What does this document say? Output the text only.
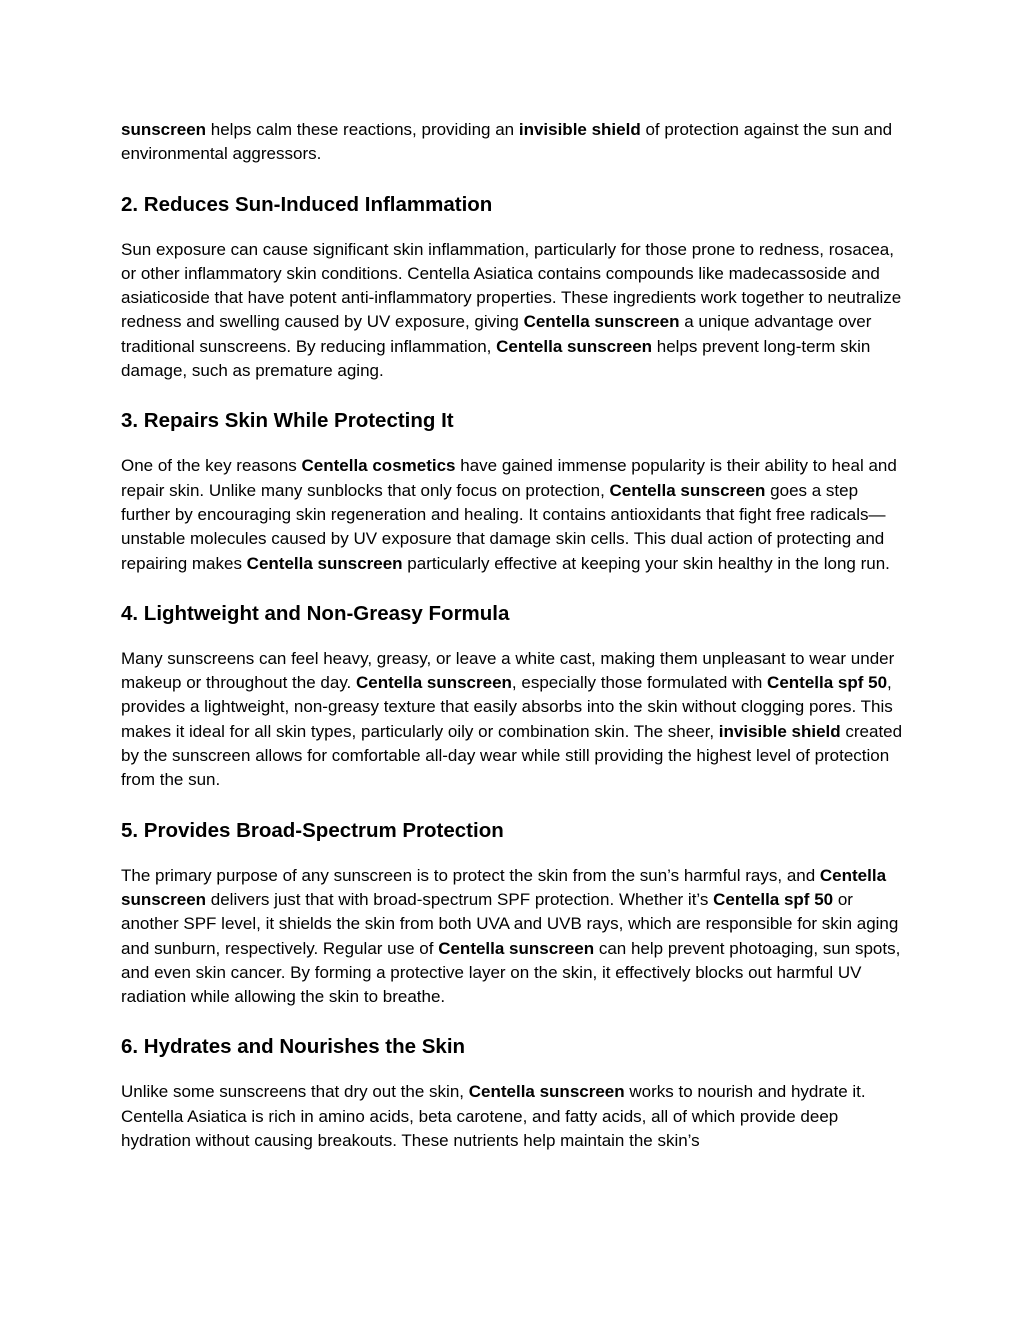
sunscreen helps calm these reactions, providing an invisible shield of protection against the sun and environmental aggressors.

2. Reduces Sun-Induced Inflammation

Sun exposure can cause significant skin inflammation, particularly for those prone to redness, rosacea, or other inflammatory skin conditions. Centella Asiatica contains compounds like madecassoside and asiaticoside that have potent anti-inflammatory properties. These ingredients work together to neutralize redness and swelling caused by UV exposure, giving Centella sunscreen a unique advantage over traditional sunscreens. By reducing inflammation, Centella sunscreen helps prevent long-term skin damage, such as premature aging.

3. Repairs Skin While Protecting It

One of the key reasons Centella cosmetics have gained immense popularity is their ability to heal and repair skin. Unlike many sunblocks that only focus on protection, Centella sunscreen goes a step further by encouraging skin regeneration and healing. It contains antioxidants that fight free radicals—unstable molecules caused by UV exposure that damage skin cells. This dual action of protecting and repairing makes Centella sunscreen particularly effective at keeping your skin healthy in the long run.

4. Lightweight and Non-Greasy Formula

Many sunscreens can feel heavy, greasy, or leave a white cast, making them unpleasant to wear under makeup or throughout the day. Centella sunscreen, especially those formulated with Centella spf 50, provides a lightweight, non-greasy texture that easily absorbs into the skin without clogging pores. This makes it ideal for all skin types, particularly oily or combination skin. The sheer, invisible shield created by the sunscreen allows for comfortable all-day wear while still providing the highest level of protection from the sun.

5. Provides Broad-Spectrum Protection

The primary purpose of any sunscreen is to protect the skin from the sun’s harmful rays, and Centella sunscreen delivers just that with broad-spectrum SPF protection. Whether it’s Centella spf 50 or another SPF level, it shields the skin from both UVA and UVB rays, which are responsible for skin aging and sunburn, respectively. Regular use of Centella sunscreen can help prevent photoaging, sun spots, and even skin cancer. By forming a protective layer on the skin, it effectively blocks out harmful UV radiation while allowing the skin to breathe.

6. Hydrates and Nourishes the Skin

Unlike some sunscreens that dry out the skin, Centella sunscreen works to nourish and hydrate it. Centella Asiatica is rich in amino acids, beta carotene, and fatty acids, all of which provide deep hydration without causing breakouts. These nutrients help maintain the skin’s
